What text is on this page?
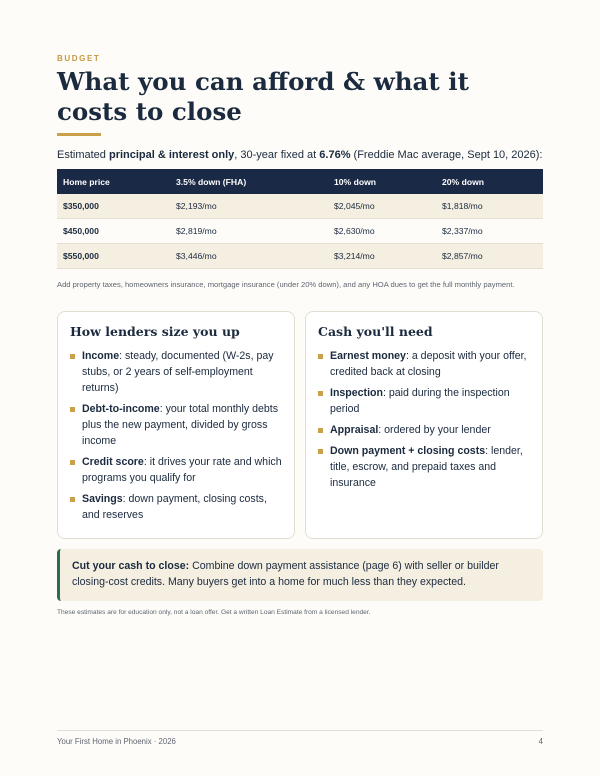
BUDGET
What you can afford & what it costs to close
Estimated principal & interest only, 30-year fixed at 6.76% (Freddie Mac average, Sept 10, 2026):
Home price	3.5% down (FHA)	10% down	20% down
$350,000	$2,193/mo	$2,045/mo	$1,818/mo
$450,000	$2,819/mo	$2,630/mo	$2,337/mo
$550,000	$3,446/mo	$3,214/mo	$2,857/mo
Add property taxes, homeowners insurance, mortgage insurance (under 20% down), and any HOA dues to get the full monthly payment.
How lenders size you up
Income: steady, documented (W-2s, pay stubs, or 2 years of self-employment returns)
Debt-to-income: your total monthly debts plus the new payment, divided by gross income
Credit score: it drives your rate and which programs you qualify for
Savings: down payment, closing costs, and reserves
Cash you'll need
Earnest money: a deposit with your offer, credited back at closing
Inspection: paid during the inspection period
Appraisal: ordered by your lender
Down payment + closing costs: lender, title, escrow, and prepaid taxes and insurance
Cut your cash to close: Combine down payment assistance (page 6) with seller or builder closing-cost credits. Many buyers get into a home for much less than they expected.
These estimates are for education only, not a loan offer. Get a written Loan Estimate from a licensed lender.
Your First Home in Phoenix · 2026	4
